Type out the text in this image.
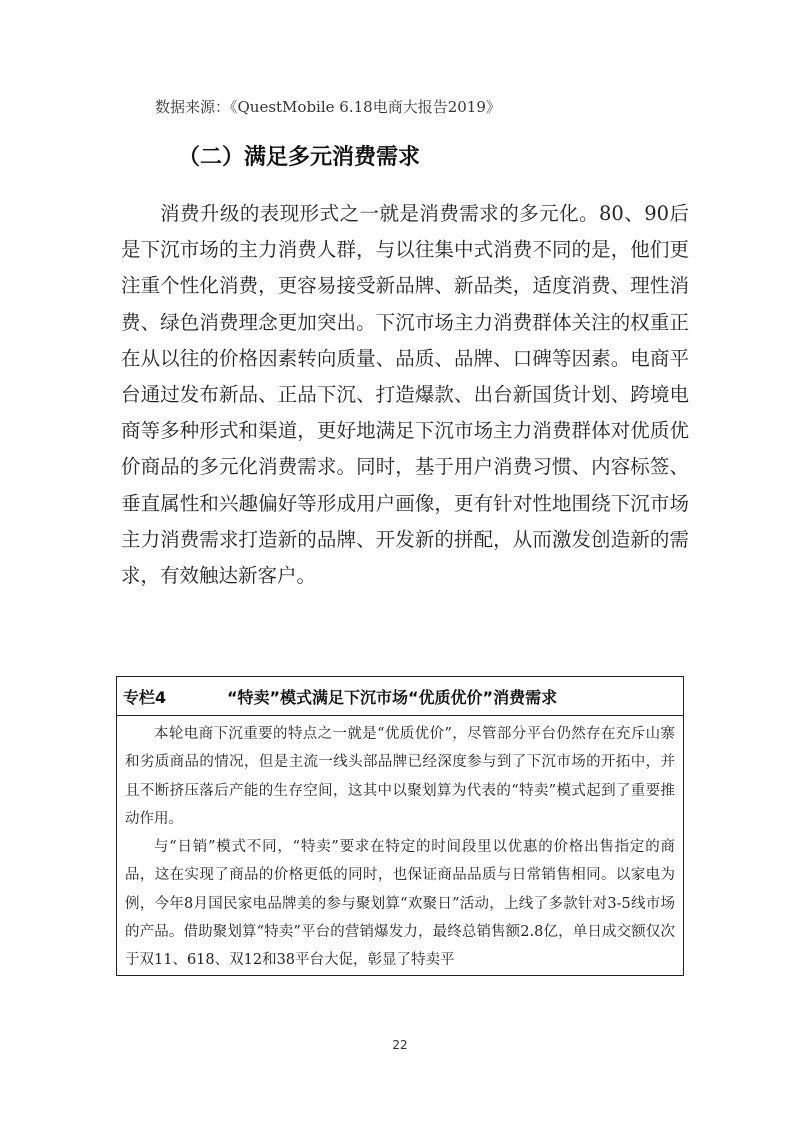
数据来源：《QuestMobile 6.18电商大报告2019》
（二）满足多元消费需求
消费升级的表现形式之一就是消费需求的多元化。80、90后是下沉市场的主力消费人群，与以往集中式消费不同的是，他们更注重个性化消费，更容易接受新品牌、新品类，适度消费、理性消费、绿色消费理念更加突出。下沉市场主力消费群体关注的权重正在从以往的价格因素转向质量、品质、品牌、口碑等因素。电商平台通过发布新品、正品下沉、打造爆款、出台新国货计划、跨境电商等多种形式和渠道，更好地满足下沉市场主力消费群体对优质优价商品的多元化消费需求。同时，基于用户消费习惯、内容标签、垂直属性和兴趣偏好等形成用户画像，更有针对性地围绕下沉市场主力消费需求打造新的品牌、开发新的拼配，从而激发创造新的需求，有效触达新客户。
专栏4	“特卖”模式满足下沉市场“优质优价”消费需求

本轮电商下沉重要的特点之一就是“优质优价”，尽管部分平台仍然存在充斥山寨和劣质商品的情况，但是主流一线头部品牌已经深度参与到了下沉市场的开拓中，并且不断挤压落后产能的生存空间，这其中以聚划算为代表的“特卖”模式起到了重要推动作用。

与“日销”模式不同，“特卖”要求在特定的时间段里以优惠的价格出售指定的商品，这在实现了商品的价格更低的同时，也保证商品品质与日常销售相同。以家电为例，今年8月国民家电品牌美的参与聚划算“欢聚日”活动，上线了多款针对3-5线市场的产品。借助聚划算“特卖”平台的营销爆发力，最终总销售额2.8亿，单日成交额仅次于双11、618、双12和38平台大促，彰显了特卖平

22
